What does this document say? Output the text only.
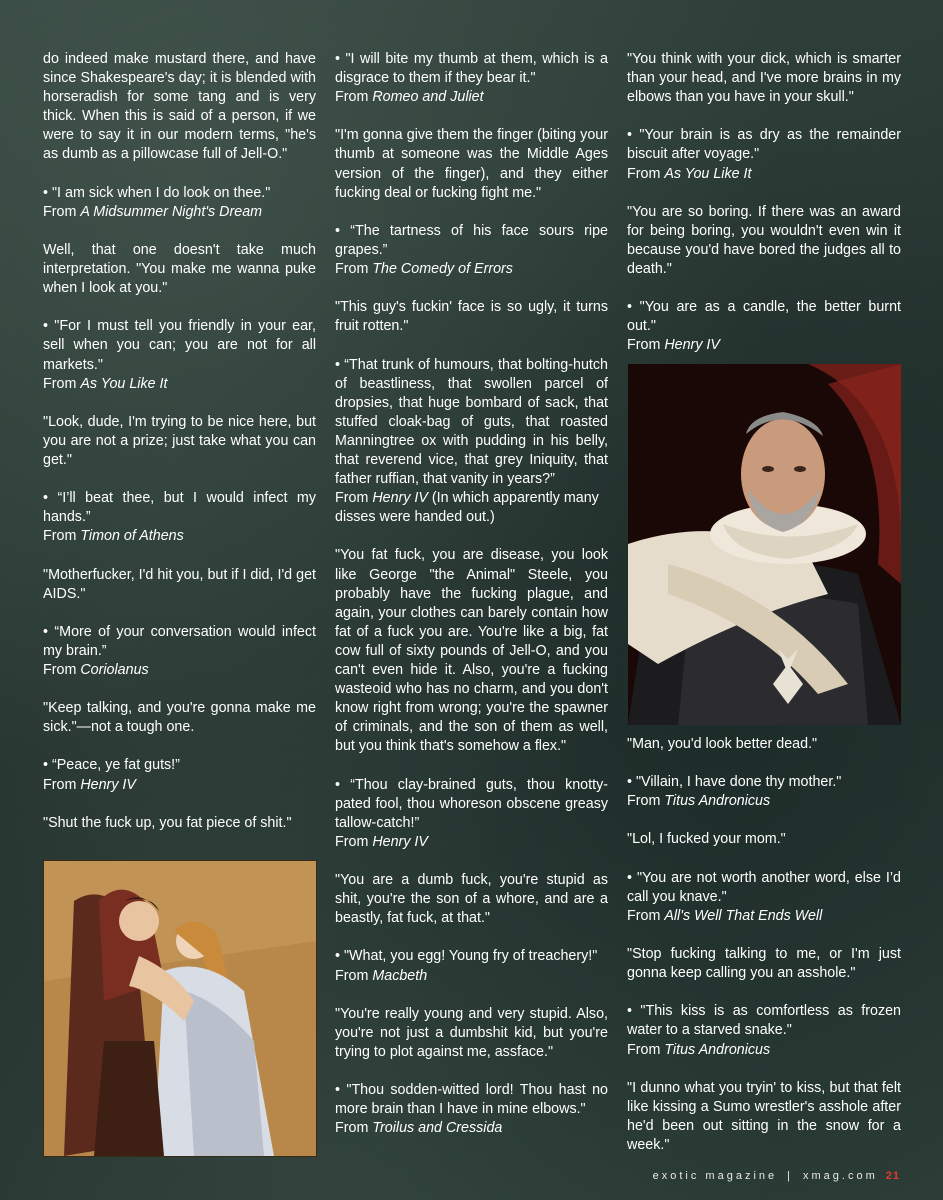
do indeed make mustard there, and have since Shakespeare's day; it is blended with horseradish for some tang and is very thick. When this is said of a person, if we were to say it in our modern terms, "he's as dumb as a pillowcase full of Jell-O."

• "I am sick when I do look on thee."
From A Midsummer Night's Dream

Well, that one doesn't take much interpretation. "You make me wanna puke when I look at you."

• "For I must tell you friendly in your ear, sell when you can; you are not for all markets."
From As You Like It

"Look, dude, I'm trying to be nice here, but you are not a prize; just take what you can get."

• “I’ll beat thee, but I would infect my hands.”
From Timon of Athens

"Motherfucker, I'd hit you, but if I did, I'd get AIDS."

• “More of your conversation would infect my brain.”
From Coriolanus

"Keep talking, and you're gonna make me sick."—not a tough one.

• “Peace, ye fat guts!”
From Henry IV

"Shut the fuck up, you fat piece of shit."

• "I will bite my thumb at them, which is a disgrace to them if they bear it."
From Romeo and Juliet

"I'm gonna give them the finger (biting your thumb at someone was the Middle Ages version of the finger), and they either fucking deal or fucking fight me."

• “The tartness of his face sours ripe grapes.”
From The Comedy of Errors

"This guy's fuckin' face is so ugly, it turns fruit rotten."

• “That trunk of humours, that bolting-hutch of beastliness, that swollen parcel of dropsies, that huge bombard of sack, that stuffed cloak-bag of guts, that roasted Manningtree ox with pudding in his belly, that reverend vice, that grey Iniquity, that father ruffian, that vanity in years?”
From Henry IV (In which apparently many disses were handed out.)

"You fat fuck, you are disease, you look like George "the Animal" Steele, you probably have the fucking plague, and again, your clothes can barely contain how fat of a fuck you are. You're like a big, fat cow full of sixty pounds of Jell-O, and you can't even hide it. Also, you're a fucking wasteoid who has no charm, and you don't know right from wrong; you're the spawner of criminals, and the son of them as well, but you think that's somehow a flex."

• “Thou clay-brained guts, thou knotty-pated fool, thou whoreson obscene greasy tallow-catch!”
From Henry IV

"You are a dumb fuck, you're stupid as shit, you're the son of a whore, and are a beastly, fat fuck, at that."

• "What, you egg! Young fry of treachery!"
From Macbeth

"You're really young and very stupid. Also, you're not just a dumbshit kid, but you're trying to plot against me, assface."

• "Thou sodden-witted lord! Thou hast no more brain than I have in mine elbows."
From Troilus and Cressida

"You think with your dick, which is smarter than your head, and I've more brains in my elbows than you have in your skull."

• "Your brain is as dry as the remainder biscuit after voyage."
From As You Like It

"You are so boring. If there was an award for being boring, you wouldn't even win it because you'd have bored the judges all to death."

• "You are as a candle, the better burnt out."
From Henry IV

"Man, you'd look better dead."

• "Villain, I have done thy mother."
From Titus Andronicus

"Lol, I fucked your mom."

• "You are not worth another word, else I’d call you knave."
From All's Well That Ends Well

"Stop fucking talking to me, or I'm just gonna keep calling you an asshole."

• "This kiss is as comfortless as frozen water to a starved snake."
From Titus Andronicus

"I dunno what you tryin' to kiss, but that felt like kissing a Sumo wrestler's asshole after he'd been out sitting in the snow for a week."

exotic magazine | xmag.com 21
